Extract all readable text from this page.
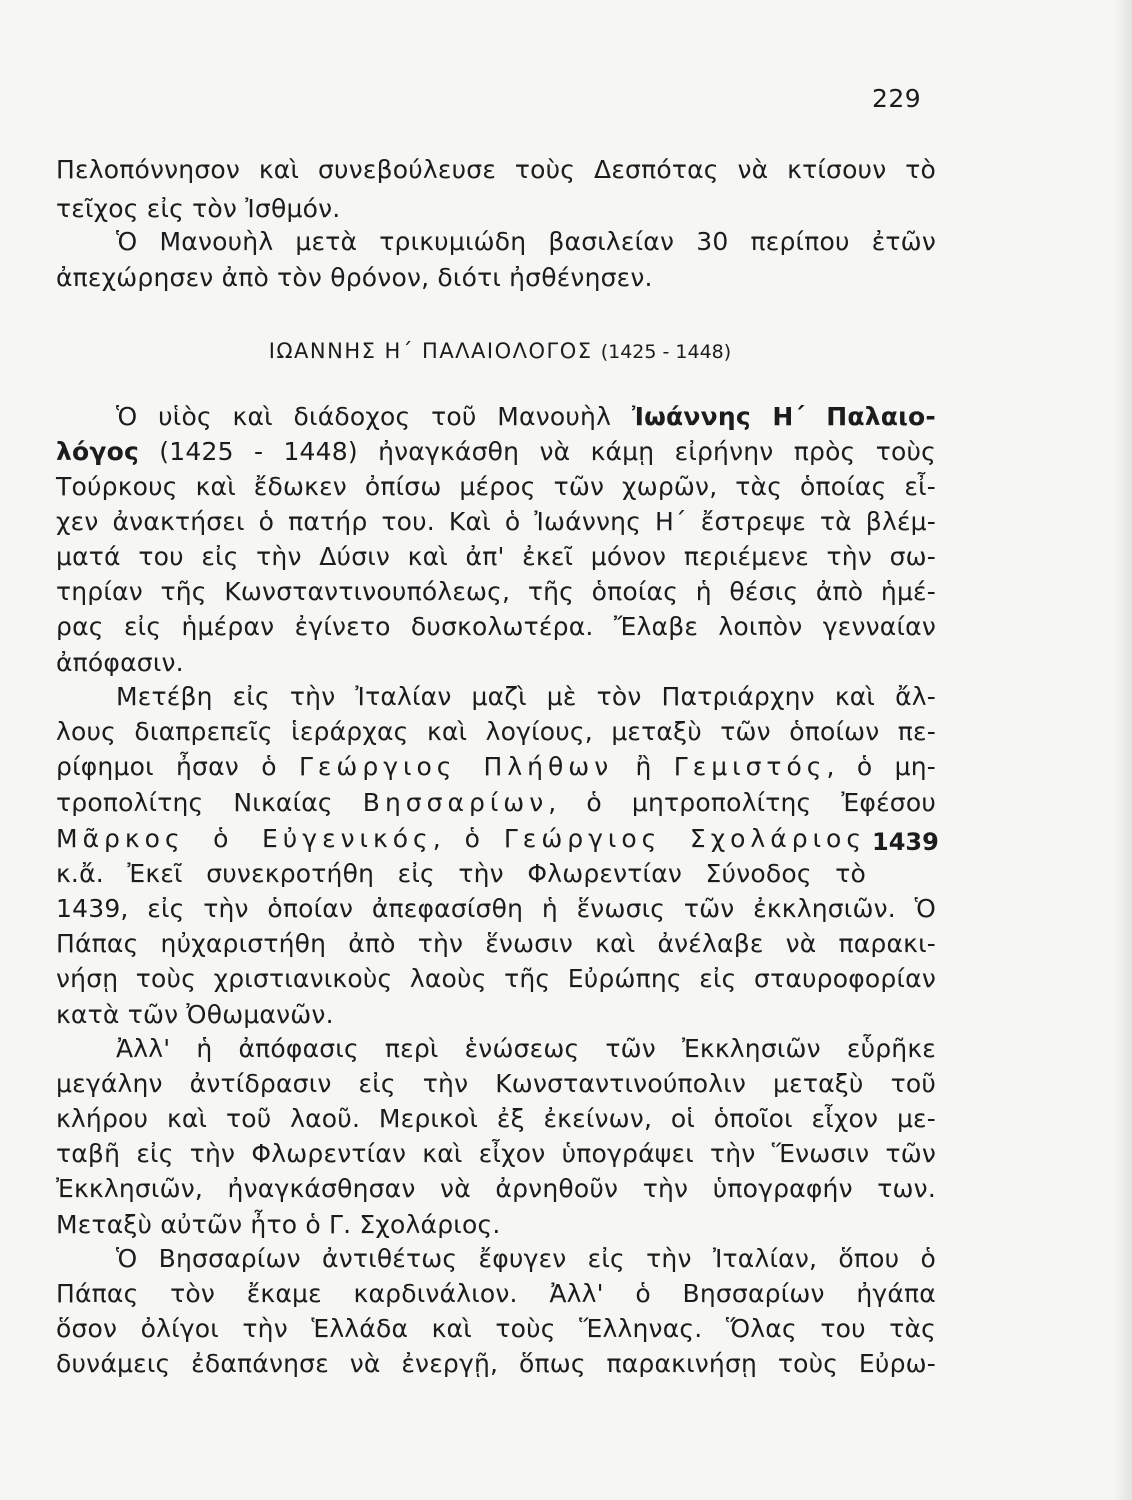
229
Πελοπόννησον καὶ συνεβούλευσε τοὺς Δεσπότας νὰ κτίσουν τὸ
τεῖχος εἰς τὸν Ἰσθμόν.
Ὁ Μανουὴλ μετὰ τρικυμιώδη βασιλείαν 30 περίπου ἐτῶν
ἀπεχώρησεν ἀπὸ τὸν θρόνον, διότι ἠσθένησεν.
ΙΩΑΝΝΗΣ Η΄ ΠΑΛΑΙΟΛΟΓΟΣ (1425 - 1448)
Ὁ υἱὸς καὶ διάδοχος τοῦ Μανουὴλ Ἰωάννης Η΄ Παλαιο-
λόγος (1425 - 1448) ἠναγκάσθη νὰ κάμῃ εἰρήνην πρὸς τοὺς
Τούρκους καὶ ἔδωκεν ὀπίσω μέρος τῶν χωρῶν, τὰς ὁποίας εἶ-
χεν ἀνακτήσει ὁ πατήρ του. Καὶ ὁ Ἰωάννης Η΄ ἔστρεψε τὰ βλέμ-
ματά του εἰς τὴν Δύσιν καὶ ἀπ' ἐκεῖ μόνον περιέμενε τὴν σω-
τηρίαν τῆς Κωνσταντινουπόλεως, τῆς ὁποίας ἡ θέσις ἀπὸ ἡμέ-
ρας εἰς ἡμέραν ἐγίνετο δυσκολωτέρα. Ἔλαβε λοιπὸν γενναίαν
ἀπόφασιν.
Μετέβη εἰς τὴν Ἰταλίαν μαζὶ μὲ τὸν Πατριάρχην καὶ ἄλ-
λους διαπρεπεῖς ἱεράρχας καὶ λογίους, μεταξὺ τῶν ὁποίων πε-
ρίφημοι ἦσαν ὁ Γεώργιος Πλήθων ἢ Γεμιστός, ὁ μη-
τροπολίτης Νικαίας Βησσαρίων, ὁ μητροπολίτης Ἐφέσου
Μᾶρκος ὁ Εὐγενικός, ὁ Γεώργιος Σχολάριος 1439
κ.ἄ. Ἐκεῖ συνεκροτήθη εἰς τὴν Φλωρεντίαν Σύνοδος τὸ
1439, εἰς τὴν ὁποίαν ἀπεφασίσθη ἡ ἕνωσις τῶν ἐκκλησιῶν. Ὁ
Πάπας ηὐχαριστήθη ἀπὸ τὴν ἕνωσιν καὶ ἀνέλαβε νὰ παρακι-
νήσῃ τοὺς χριστιανικοὺς λαοὺς τῆς Εὐρώπης εἰς σταυροφορίαν
κατὰ τῶν Ὀθωμανῶν.
Ἀλλ' ἡ ἀπόφασις περὶ ἑνώσεως τῶν Ἐκκλησιῶν εὗρῆκε
μεγάλην ἀντίδρασιν εἰς τὴν Κωνσταντινούπολιν μεταξὺ τοῦ
κλήρου καὶ τοῦ λαοῦ. Μερικοὶ ἐξ ἐκείνων, οἱ ὁποῖοι εἶχον με-
ταβῆ εἰς τὴν Φλωρεντίαν καὶ εἶχον ὑπογράψει τὴν Ἕνωσιν τῶν
Ἐκκλησιῶν, ἠναγκάσθησαν νὰ ἀρνηθοῦν τὴν ὑπογραφήν των.
Μεταξὺ αὐτῶν ἦτο ὁ Γ. Σχολάριος.
Ὁ Βησσαρίων ἀντιθέτως ἔφυγεν εἰς τὴν Ἰταλίαν, ὅπου ὁ
Πάπας τὸν ἔκαμε καρδινάλιον. Ἀλλ' ὁ Βησσαρίων ἠγάπα
ὅσον ὀλίγοι τὴν Ἑλλάδα καὶ τοὺς Ἕλληνας. Ὅλας του τὰς
δυνάμεις ἐδαπάνησε νὰ ἐνεργῇ, ὅπως παρακινήσῃ τοὺς Εὐρω-
